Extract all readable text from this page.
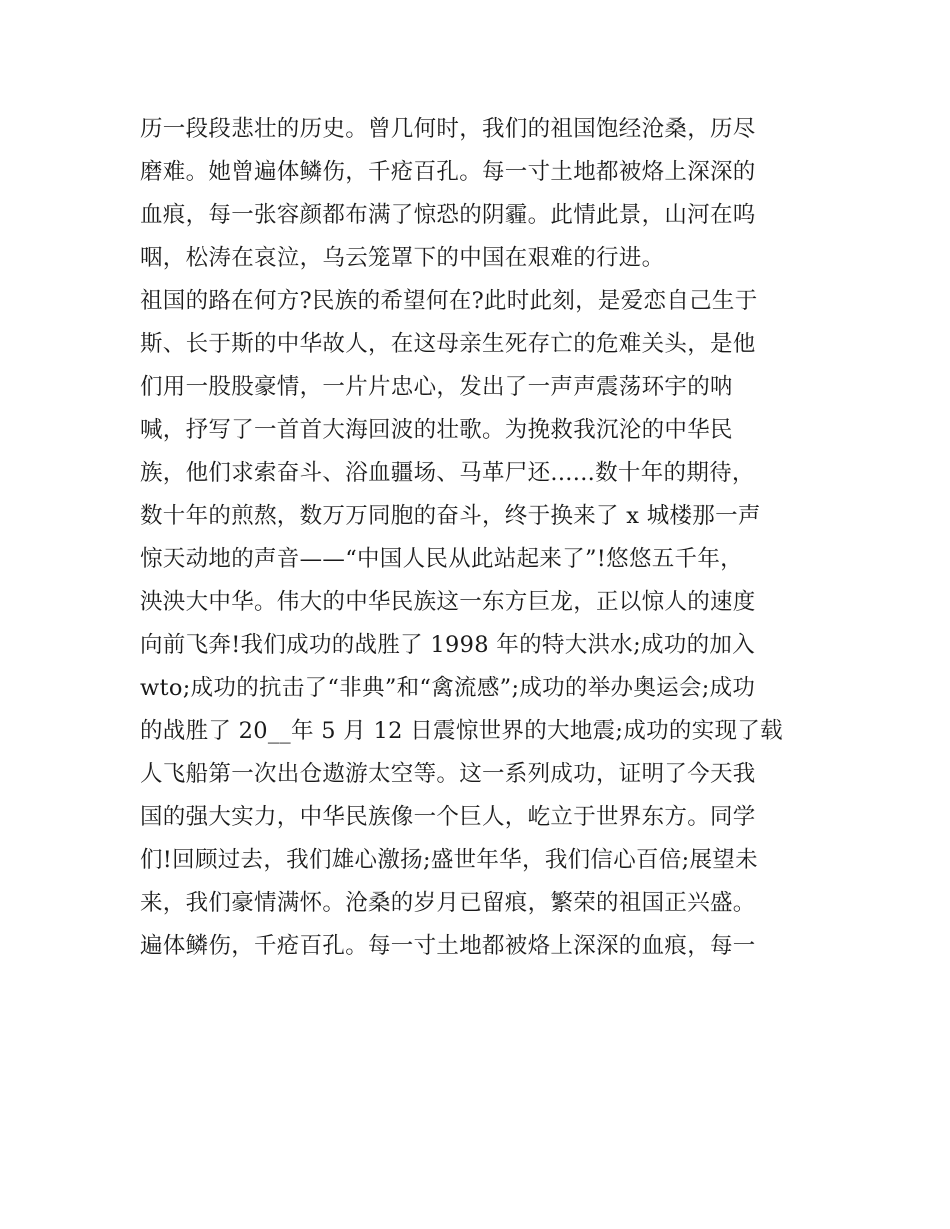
历一段段悲壮的历史。曾几何时，我们的祖国饱经沧桑，历尽
磨难。她曾遍体鳞伤，千疮百孔。每一寸土地都被烙上深深的
血痕，每一张容颜都布满了惊恐的阴霾。此情此景，山河在呜
咽，松涛在哀泣，乌云笼罩下的中国在艰难的行进。
祖国的路在何方?民族的希望何在?此时此刻，是爱恋自己生于
斯、长于斯的中华故人，在这母亲生死存亡的危难关头，是他
们用一股股豪情，一片片忠心，发出了一声声震荡环宇的呐
喊，抒写了一首首大海回波的壮歌。为挽救我沉沦的中华民
族，他们求索奋斗、浴血疆场、马革尸还......数十年的期待，
数十年的煎熬，数万万同胞的奋斗，终于换来了 x 城楼那一声
惊天动地的声音——“中国人民从此站起来了”!悠悠五千年，
泱泱大中华。伟大的中华民族这一东方巨龙，正以惊人的速度
向前飞奔!我们成功的战胜了 1998 年的特大洪水;成功的加入
wto;成功的抗击了“非典”和“禽流感”;成功的举办奥运会;成功
的战胜了 20__年 5 月 12 日震惊世界的大地震;成功的实现了载
人飞船第一次出仓遨游太空等。这一系列成功，证明了今天我
国的强大实力，中华民族像一个巨人，屹立于世界东方。同学
们!回顾过去，我们雄心激扬;盛世年华，我们信心百倍;展望未
来，我们豪情满怀。沧桑的岁月已留痕，繁荣的祖国正兴盛。
遍体鳞伤，千疮百孔。每一寸土地都被烙上深深的血痕，每一
